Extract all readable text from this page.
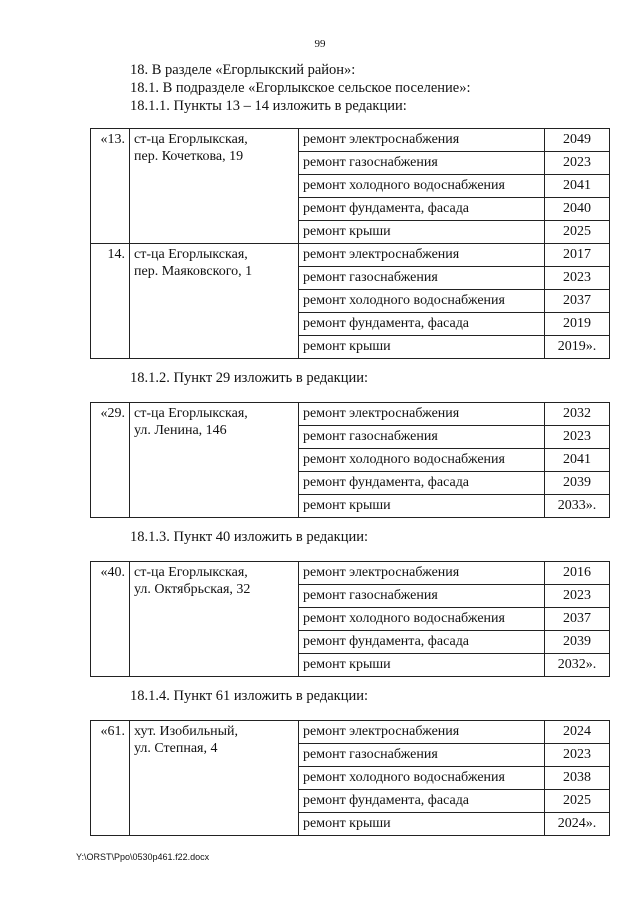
99
18. В разделе «Егорлыкский район»:
18.1. В подразделе «Егорлыкское сельское поселение»:
18.1.1. Пункты 13 – 14 изложить в редакции:
«13.	ст-ца Егорлыкская,
пер. Кочеткова, 19	ремонт электроснабжения	2049
		ремонт газоснабжения	2023
		ремонт холодного водоснабжения	2041
		ремонт фундамента, фасада	2040
		ремонт крыши	2025
14.	ст-ца Егорлыкская,
пер. Маяковского, 1	ремонт электроснабжения	2017
		ремонт газоснабжения	2023
		ремонт холодного водоснабжения	2037
		ремонт фундамента, фасада	2019
		ремонт крыши	2019».
18.1.2. Пункт 29 изложить в редакции:
«29.	ст-ца Егорлыкская,
ул. Ленина, 146	ремонт электроснабжения	2032
		ремонт газоснабжения	2023
		ремонт холодного водоснабжения	2041
		ремонт фундамента, фасада	2039
		ремонт крыши	2033».
18.1.3. Пункт 40 изложить в редакции:
«40.	ст-ца Егорлыкская,
ул. Октябрьская, 32	ремонт электроснабжения	2016
		ремонт газоснабжения	2023
		ремонт холодного водоснабжения	2037
		ремонт фундамента, фасада	2039
		ремонт крыши	2032».
18.1.4. Пункт 61 изложить в редакции:
«61.	хут. Изобильный,
ул. Степная, 4	ремонт электроснабжения	2024
		ремонт газоснабжения	2023
		ремонт холодного водоснабжения	2038
		ремонт фундамента, фасада	2025
		ремонт крыши	2024».
Y:\ORST\Ppo\0530p461.f22.docx
